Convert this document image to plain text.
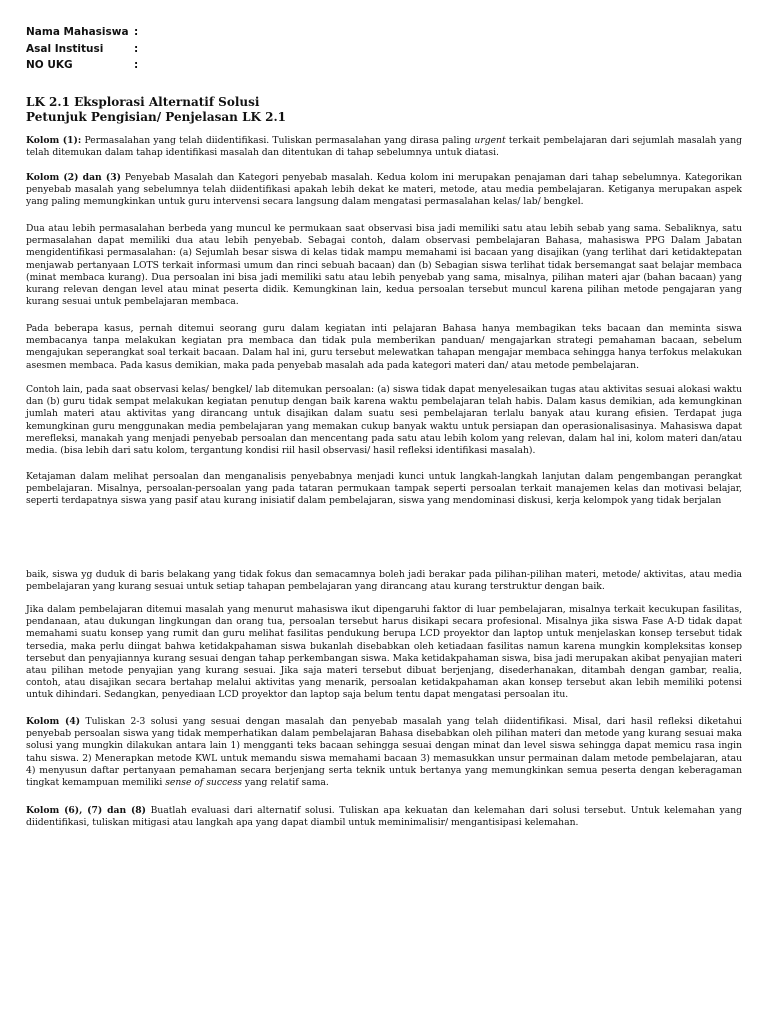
Nama Mahasiswa :
Asal Institusi	:
NO UKG	:
LK 2.1 Eksplorasi Alternatif Solusi
Petunjuk Pengisian/ Penjelasan LK 2.1

Kolom (1): Permasalahan yang telah diidentifikasi. Tuliskan permasalahan yang dirasa paling urgent terkait pembelajaran dari sejumlah masalah yang telah ditemukan dalam tahap identifikasi masalah dan ditentukan di tahap sebelumnya untuk diatasi.

Kolom (2) dan (3) Penyebab Masalah dan Kategori penyebab masalah. Kedua kolom ini merupakan penajaman dari tahap sebelumnya. Kategorikan penyebab masalah yang sebelumnya telah diidentifikasi apakah lebih dekat ke materi, metode, atau media pembelajaran. Ketiganya merupakan aspek yang paling memungkinkan untuk guru intervensi secara langsung dalam mengatasi permasalahan kelas/ lab/ bengkel.

Dua atau lebih permasalahan berbeda yang muncul ke permukaan saat observasi bisa jadi memiliki satu atau lebih sebab yang sama. Sebaliknya, satu permasalahan dapat memiliki dua atau lebih penyebab. Sebagai contoh, dalam observasi pembelajaran Bahasa, mahasiswa PPG Dalam Jabatan mengidentifikasi permasalahan: (a) Sejumlah besar siswa di kelas tidak mampu memahami isi bacaan yang disajikan (yang terlihat dari ketidaktepatan menjawab pertanyaan LOTS terkait informasi umum dan rinci sebuah bacaan) dan (b) Sebagian siswa terlihat tidak bersemangat saat belajar membaca (minat membaca kurang). Dua persoalan ini bisa jadi memiliki satu atau lebih penyebab yang sama, misalnya, pilihan materi ajar (bahan bacaan) yang kurang relevan dengan level atau minat peserta didik. Kemungkinan lain, kedua persoalan tersebut muncul karena pilihan metode pengajaran yang kurang sesuai untuk pembelajaran membaca.

Pada beberapa kasus, pernah ditemui seorang guru dalam kegiatan inti pelajaran Bahasa hanya membagikan teks bacaan dan meminta siswa membacanya tanpa melakukan kegiatan pra membaca dan tidak pula memberikan panduan/ mengajarkan strategi pemahaman bacaan, sebelum mengajukan seperangkat soal terkait bacaan. Dalam hal ini, guru tersebut melewatkan tahapan mengajar membaca sehingga hanya terfokus melakukan asesmen membaca. Pada kasus demikian, maka pada penyebab masalah ada pada kategori materi dan/ atau metode pembelajaran.

Contoh lain, pada saat observasi kelas/ bengkel/ lab ditemukan persoalan: (a) siswa tidak dapat menyelesaikan tugas atau aktivitas sesuai alokasi waktu dan (b) guru tidak sempat melakukan kegiatan penutup dengan baik karena waktu pembelajaran telah habis. Dalam kasus demikian, ada kemungkinan jumlah materi atau aktivitas yang dirancang untuk disajikan dalam suatu sesi pembelajaran terlalu banyak atau kurang efisien. Terdapat juga kemungkinan guru menggunakan media pembelajaran yang memakan cukup banyak waktu untuk persiapan dan operasionalisasinya. Mahasiswa dapat merefleksi, manakah yang menjadi penyebab persoalan dan mencentang pada satu atau lebih kolom yang relevan, dalam hal ini, kolom materi dan/atau media. (bisa lebih dari satu kolom, tergantung kondisi riil hasil observasi/ hasil refleksi identifikasi masalah).

Ketajaman dalam melihat persoalan dan menganalisis penyebabnya menjadi kunci untuk langkah-langkah lanjutan dalam pengembangan perangkat pembelajaran. Misalnya, persoalan-persoalan yang pada tataran permukaan tampak seperti persoalan terkait manajemen kelas dan motivasi belajar, seperti terdapatnya siswa yang pasif atau kurang inisiatif dalam pembelajaran, siswa yang mendominasi diskusi, kerja kelompok yang tidak berjalan

baik, siswa yg duduk di baris belakang yang tidak fokus dan semacamnya boleh jadi berakar pada pilihan-pilihan materi, metode/ aktivitas, atau media pembelajaran yang kurang sesuai untuk setiap tahapan pembelajaran yang dirancang atau kurang terstruktur dengan baik.

Jika dalam pembelajaran ditemui masalah yang menurut mahasiswa ikut dipengaruhi faktor di luar pembelajaran, misalnya terkait kecukupan fasilitas, pendanaan, atau dukungan lingkungan dan orang tua, persoalan tersebut harus disikapi secara profesional. Misalnya jika siswa Fase A-D tidak dapat memahami suatu konsep yang rumit dan guru melihat fasilitas pendukung berupa LCD proyektor dan laptop untuk menjelaskan konsep tersebut tidak tersedia, maka perlu diingat bahwa ketidakpahaman siswa bukanlah disebabkan oleh ketiadaan fasilitas namun karena mungkin kompleksitas konsep tersebut dan penyajiannya kurang sesuai dengan tahap perkembangan siswa. Maka ketidakpahaman siswa, bisa jadi merupakan akibat penyajian materi atau pilihan metode penyajian yang kurang sesuai. Jika saja materi tersebut dibuat berjenjang, disederhanakan, ditambah dengan gambar, realia, contoh, atau disajikan secara bertahap melalui aktivitas yang menarik, persoalan ketidakpahaman akan konsep tersebut akan lebih memiliki potensi untuk dihindari. Sedangkan, penyediaan LCD proyektor dan laptop saja belum tentu dapat mengatasi persoalan itu.

Kolom (4) Tuliskan 2-3 solusi yang sesuai dengan masalah dan penyebab masalah yang telah diidentifikasi. Misal, dari hasil refleksi diketahui penyebab persoalan siswa yang tidak memperhatikan dalam pembelajaran Bahasa disebabkan oleh pilihan materi dan metode yang kurang sesuai maka solusi yang mungkin dilakukan antara lain 1) mengganti teks bacaan sehingga sesuai dengan minat dan level siswa sehingga dapat memicu rasa ingin tahu siswa. 2) Menerapkan metode KWL untuk memandu siswa memahami bacaan 3) memasukkan unsur permainan dalam metode pembelajaran, atau 4) menyusun daftar pertanyaan pemahaman secara berjenjang serta teknik untuk bertanya yang memungkinkan semua peserta dengan keberagaman tingkat kemampuan memiliki sense of success yang relatif sama.

Kolom (6), (7) dan (8) Buatlah evaluasi dari alternatif solusi. Tuliskan apa kekuatan dan kelemahan dari solusi tersebut. Untuk kelemahan yang diidentifikasi, tuliskan mitigasi atau langkah apa yang dapat diambil untuk meminimalisir/ mengantisipasi kelemahan.
